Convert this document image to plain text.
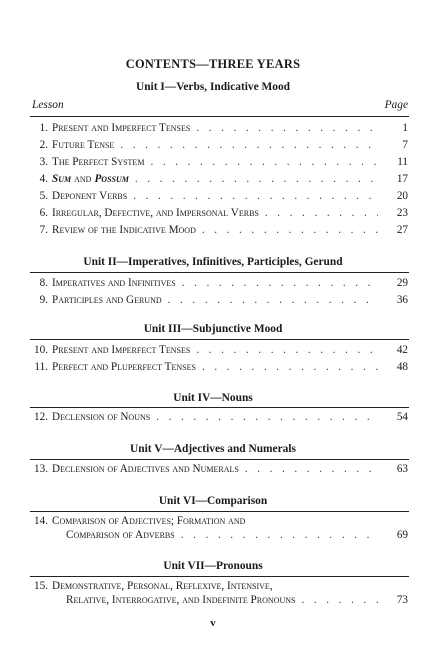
CONTENTS—THREE YEARS
Lesson	Page
Unit I—Verbs, Indicative Mood
1. Present and Imperfect Tenses . . .	1
2. Future Tense . . .	7
3. The Perfect System . . .	11
4. Sum and Possum . . .	17
5. Deponent Verbs . . .	20
6. Irregular, Defective, and Impersonal Verbs . . .	23
7. Review of the Indicative Mood . . .	27
Unit II—Imperatives, Infinitives, Participles, Gerund
8. Imperatives and Infinitives . . .	29
9. Participles and Gerund . . .	36
Unit III—Subjunctive Mood
10. Present and Imperfect Tenses . . .	42
11. Perfect and Pluperfect Tenses . . .	48
Unit IV—Nouns
12. Declension of Nouns . . .	54
Unit V—Adjectives and Numerals
13. Declension of Adjectives and Numerals . . .	63
Unit VI—Comparison
14. Comparison of Adjectives; Formation and
Comparison of Adverbs . . .	69
Unit VII—Pronouns
15. Demonstrative, Personal, Reflexive, Intensive,
Relative, Interrogative, and Indefinite Pronouns . . .	73
v
